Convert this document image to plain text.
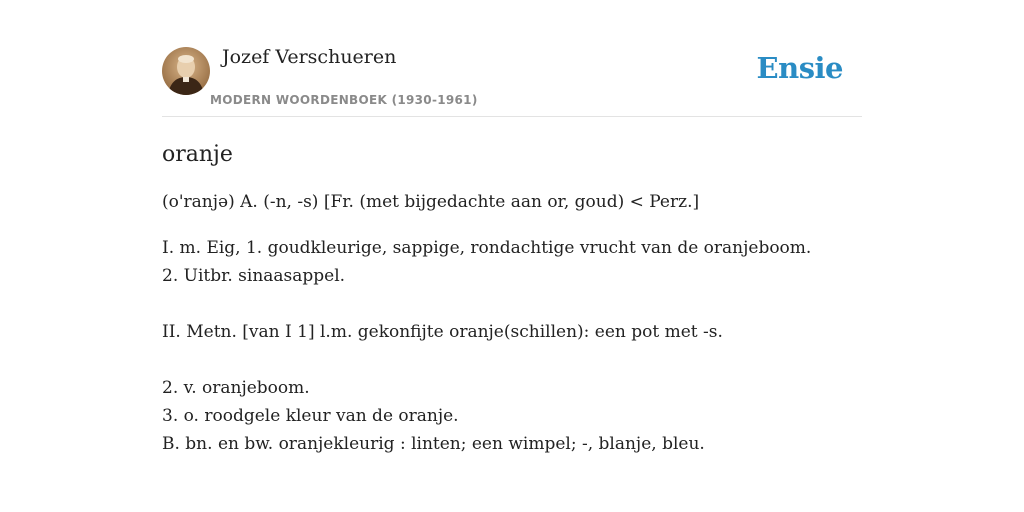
Jozef Verschueren
MODERN WOORDENBOEK (1930-1961)
Ensie
oranje
(o'ranjə) A. (-n, -s) [Fr. (met bijgedachte aan or, goud) < Perz.]
I. m. Eig, 1. goudkleurige, sappige, rondachtige vrucht van de oranjeboom.
2. Uitbr. sinaasappel.
II. Metn. [van I 1] l.m. gekonfijte oranje(schillen): een pot met -s.
2. v. oranjeboom.
3. o. roodgele kleur van de oranje.
B. bn. en bw. oranjekleurig : linten; een wimpel; -, blanje, bleu.
